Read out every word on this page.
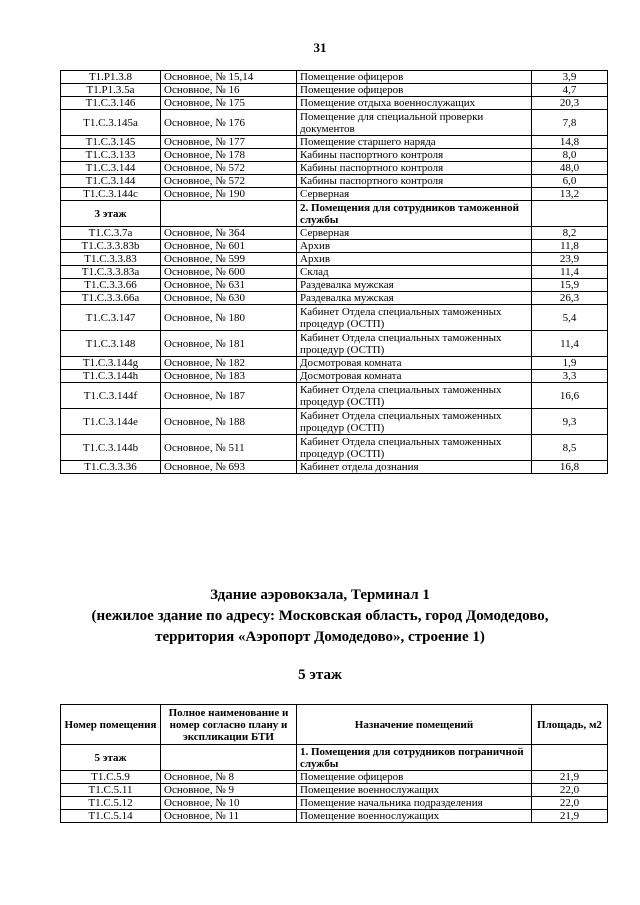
31
Т1.Р1.3.8	Основное, № 15,14	Помещение офицеров	3,9
Т1.Р1.3.5а	Основное, № 16	Помещение офицеров	4,7
Т1.С.3.146	Основное, № 175	Помещение отдыха военнослужащих	20,3
Т1.С.3.145а	Основное, № 176	Помещение для специальной проверки документов	7,8
Т1.С.3.145	Основное, № 177	Помещение старшего наряда	14,8
Т1.С.3.133	Основное, № 178	Кабины паспортного контроля	8,0
Т1.С.3.144	Основное, № 572	Кабины паспортного контроля	48,0
Т1.С.3.144	Основное, № 572	Кабины паспортного контроля	6,0
Т1.С.3.144с	Основное, № 190	Серверная	13,2
3 этаж		2. Помещения для сотрудников таможенной службы	
Т1.С.3.7а	Основное, № 364	Серверная	8,2
Т1.С.3.3.83b	Основное, № 601	Архив	11,8
Т1.С.3.3.83	Основное, № 599	Архив	23,9
Т1.С.3.3.83а	Основное, № 600	Склад	11,4
Т1.С.3.3.66	Основное, № 631	Раздевалка мужская	15,9
Т1.С.3.3.66а	Основное, № 630	Раздевалка мужская	26,3
Т1.С.3.147	Основное, № 180	Кабинет Отдела специальных таможенных процедур (ОСТП)	5,4
Т1.С.3.148	Основное, № 181	Кабинет Отдела специальных таможенных процедур (ОСТП)	11,4
Т1.С.3.144g	Основное, № 182	Досмотровая комната	1,9
Т1.С.3.144h	Основное, № 183	Досмотровая комната	3,3
Т1.С.3.144f	Основное, № 187	Кабинет Отдела специальных таможенных процедур (ОСТП)	16,6
Т1.С.3.144е	Основное, № 188	Кабинет Отдела специальных таможенных процедур (ОСТП)	9,3
Т1.С.3.144b	Основное, № 511	Кабинет Отдела специальных таможенных процедур (ОСТП)	8,5
Т1.С.3.3.36	Основное, № 693	Кабинет отдела дознания	16,8
Здание аэровокзала, Терминал 1
(нежилое здание по адресу: Московская область, город Домодедово,
территория «Аэропорт Домодедово», строение 1)
5 этаж
Номер помещения	Полное наименование и номер согласно плану и экспликации БТИ	Назначение помещений	Площадь, м2
5 этаж		1. Помещения для сотрудников пограничной службы	
Т1.С.5.9	Основное, № 8	Помещение офицеров	21,9
Т1.С.5.11	Основное, № 9	Помещение военнослужащих	22,0
Т1.С.5.12	Основное, № 10	Помещение начальника подразделения	22,0
Т1.С.5.14	Основное, № 11	Помещение военнослужащих	21,9
